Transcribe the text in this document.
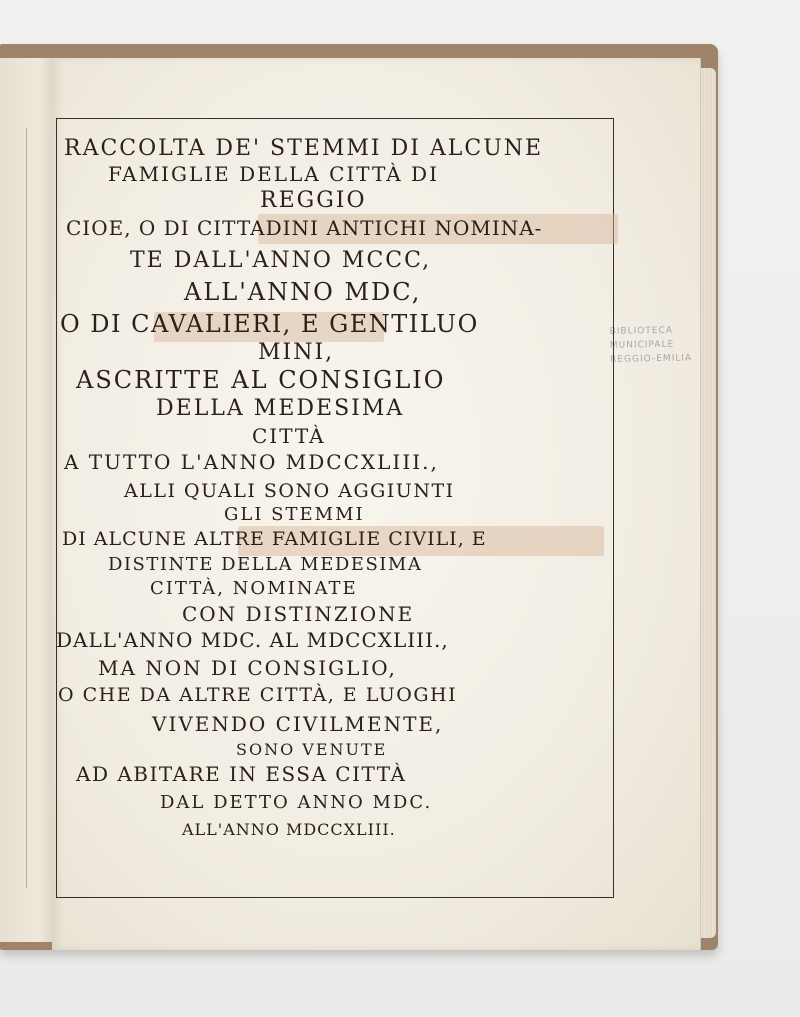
RACCOLTA DE' STEMMI DI ALCUNE
FAMIGLIE DELLA CITTÀ DI
REGGIO
CIOE, O DI CITTADINI ANTICHI NOMINA-
TE DALL'ANNO MCCC,
ALL'ANNO MDC,
O DI CAVALIERI, E GENTILUO
MINI,
ASCRITTE AL CONSIGLIO
DELLA MEDESIMA
CITTÀ
A TUTTO L'ANNO MDCCXLIII.,
ALLI QUALI SONO AGGIUNTI
GLI STEMMI
DI ALCUNE ALTRE FAMIGLIE CIVILI, E
DISTINTE DELLA MEDESIMA
CITTÀ, NOMINATE
CON DISTINZIONE
DALL'ANNO MDC. AL MDCCXLIII.,
MA NON DI CONSIGLIO,
O CHE DA ALTRE CITTÀ, E LUOGHI
VIVENDO CIVILMENTE,
SONO VENUTE
AD ABITARE IN ESSA CITTÀ
DAL DETTO ANNO MDC.
ALL'ANNO MDCCXLIII.
BIBLIOTECA
MUNICIPALE
REGGIO-EMILIA
